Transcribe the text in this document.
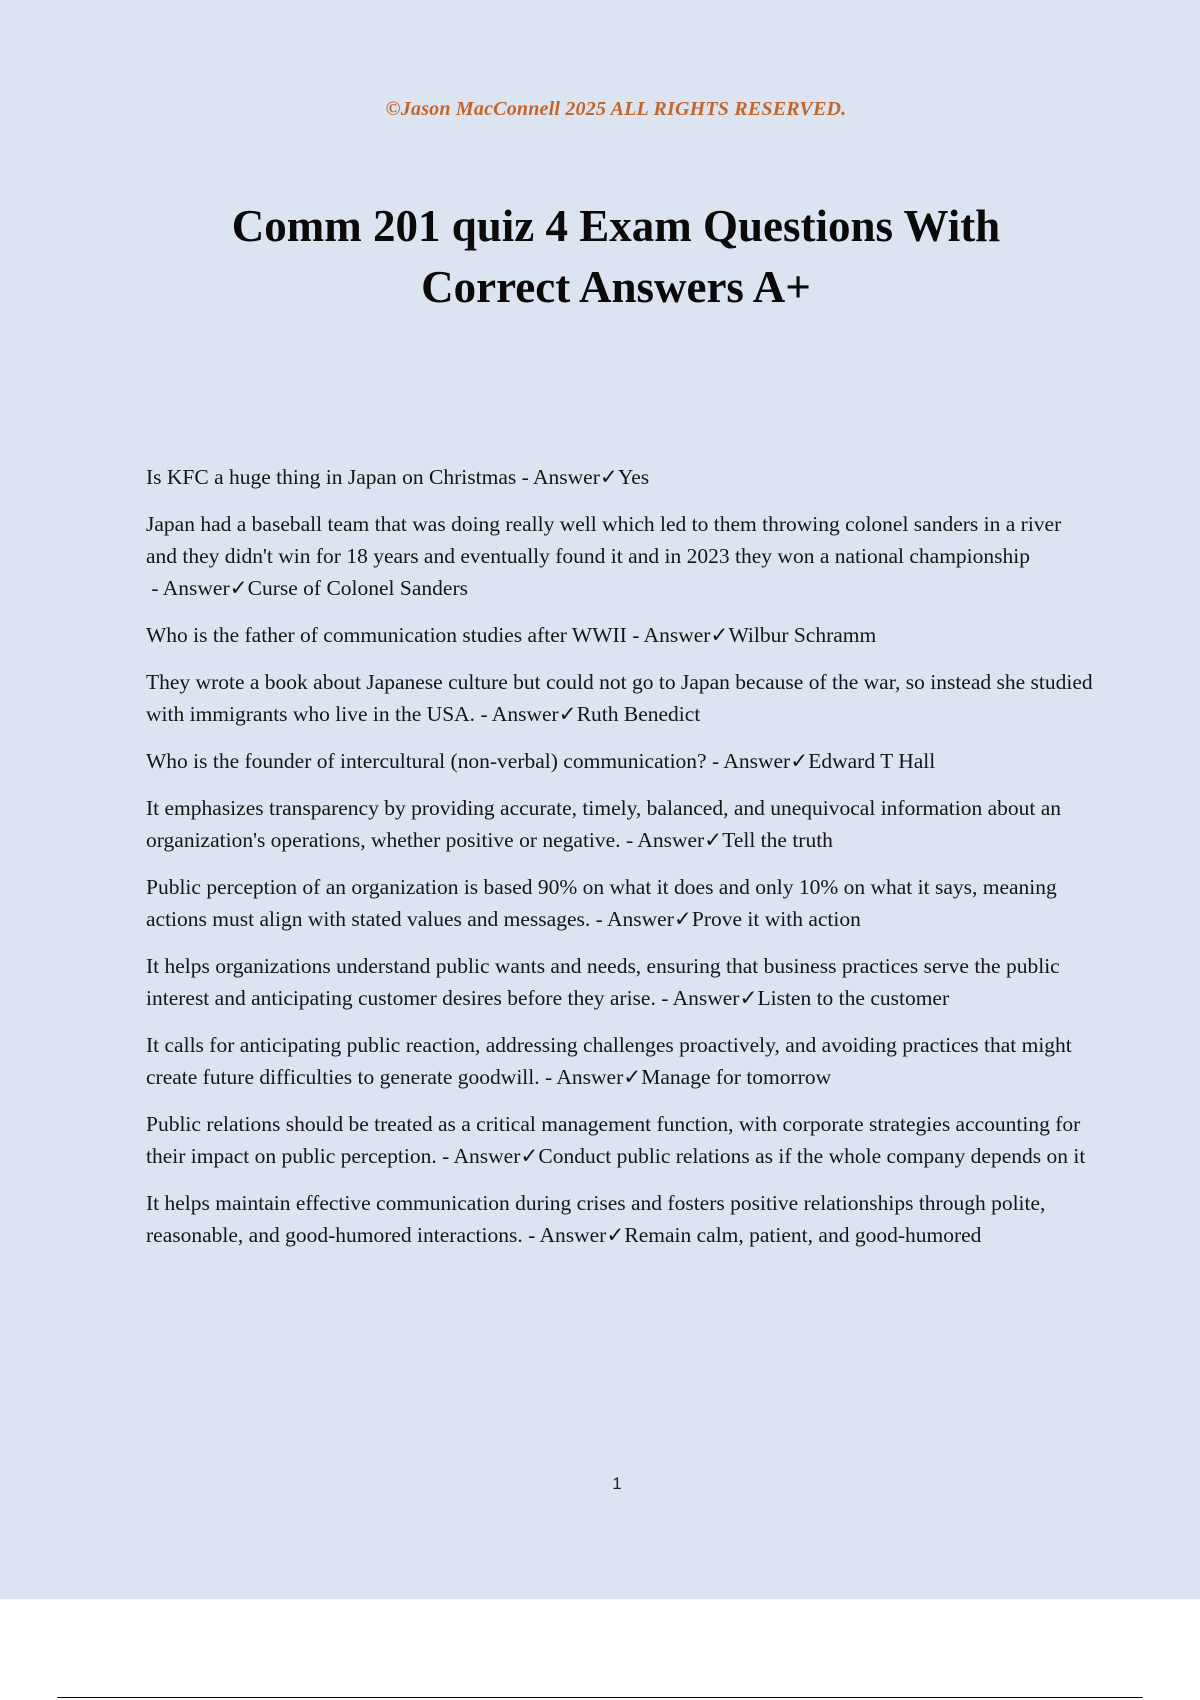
©Jason MacConnell 2025 ALL RIGHTS RESERVED.
Comm 201 quiz 4 Exam Questions With
Correct Answers A+

Is KFC a huge thing in Japan on Christmas - Answer✓Yes

Japan had a baseball team that was doing really well which led to them throwing colonel sanders in a river and they didn't win for 18 years and eventually found it and in 2023 they won a national championship - Answer✓Curse of Colonel Sanders

Who is the father of communication studies after WWII - Answer✓Wilbur Schramm

They wrote a book about Japanese culture but could not go to Japan because of the war, so instead she studied with immigrants who live in the USA. - Answer✓Ruth Benedict

Who is the founder of intercultural (non-verbal) communication? - Answer✓Edward T Hall

It emphasizes transparency by providing accurate, timely, balanced, and unequivocal information about an organization's operations, whether positive or negative. - Answer✓Tell the truth

Public perception of an organization is based 90% on what it does and only 10% on what it says, meaning actions must align with stated values and messages. - Answer✓Prove it with action

It helps organizations understand public wants and needs, ensuring that business practices serve the public interest and anticipating customer desires before they arise. - Answer✓Listen to the customer

It calls for anticipating public reaction, addressing challenges proactively, and avoiding practices that might create future difficulties to generate goodwill. - Answer✓Manage for tomorrow

Public relations should be treated as a critical management function, with corporate strategies accounting for their impact on public perception. - Answer✓Conduct public relations as if the whole company depends on it

It helps maintain effective communication during crises and fosters positive relationships through polite, reasonable, and good-humored interactions. - Answer✓Remain calm, patient, and good-humored

1
